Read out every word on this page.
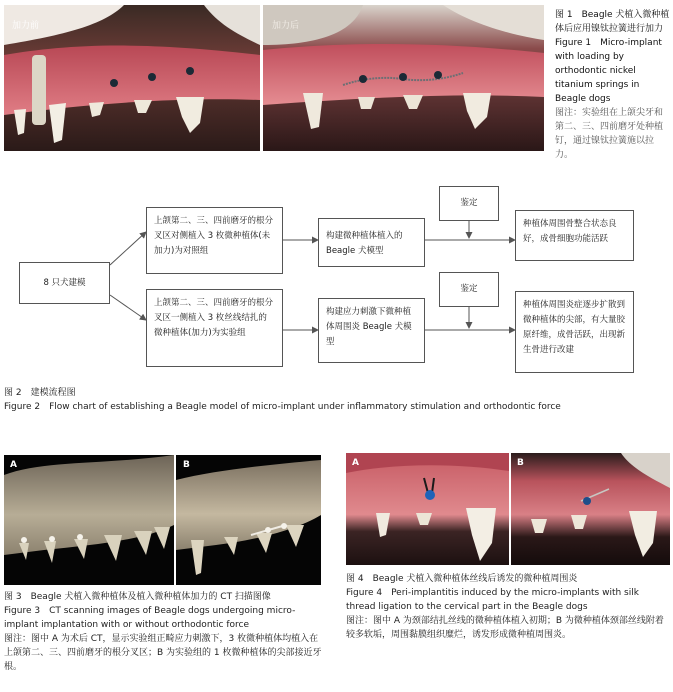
加力前	加力后
图 1　Beagle 犬植入微种植体后应用镍钛拉簧进行加力
Figure 1　Micro-implant with loading by orthodontic nickel titanium springs in Beagle dogs
图注：实验组在上颌尖牙和第二、三、四前磨牙处种植钉，通过镍钛拉簧施以拉力。
8 只犬建模
上颌第二、三、四前磨牙的根分叉区对侧植入 3 枚微种植体(未加力)为对照组
上颌第二、三、四前磨牙的根分叉区一侧植入 3 枚丝线结扎的微种植体(加力)为实验组
构建微种植体植入的 Beagle 犬模型
构建应力刺激下微种植体周围炎 Beagle 犬模型
鉴定
鉴定
种植体周围骨整合状态良好，成骨细胞功能活跃
种植体周围炎症逐步扩散到微种植体的尖部，有大量胶原纤维，成骨活跃，出现新生骨进行改建
图 2　建模流程图
Figure 2　Flow chart of establishing a Beagle model of micro-implant under inflammatory stimulation and orthodontic force
A	B
图 3　Beagle 犬植入微种植体及植入微种植体加力的 CT 扫描图像
Figure 3　CT scanning images of Beagle dogs undergoing micro-implant implantation with or without orthodontic force
图注：图中 A 为术后 CT，显示实验组正畸应力刺激下，3 枚微种植体均植入在上颌第二、三、四前磨牙的根分叉区；B 为实验组的 1 枚微种植体的尖部接近牙根。
A	B
图 4　Beagle 犬植入微种植体丝线后诱发的微种植周围炎
Figure 4　Peri-implantitis induced by the micro-implants with silk thread ligation to the cervical part in the Beagle dogs
图注：图中 A 为颈部结扎丝线的微种植体植入初期；B 为微种植体颈部丝线附着较多软垢，周围黏膜组织糜烂，诱发形成微种植周围炎。
